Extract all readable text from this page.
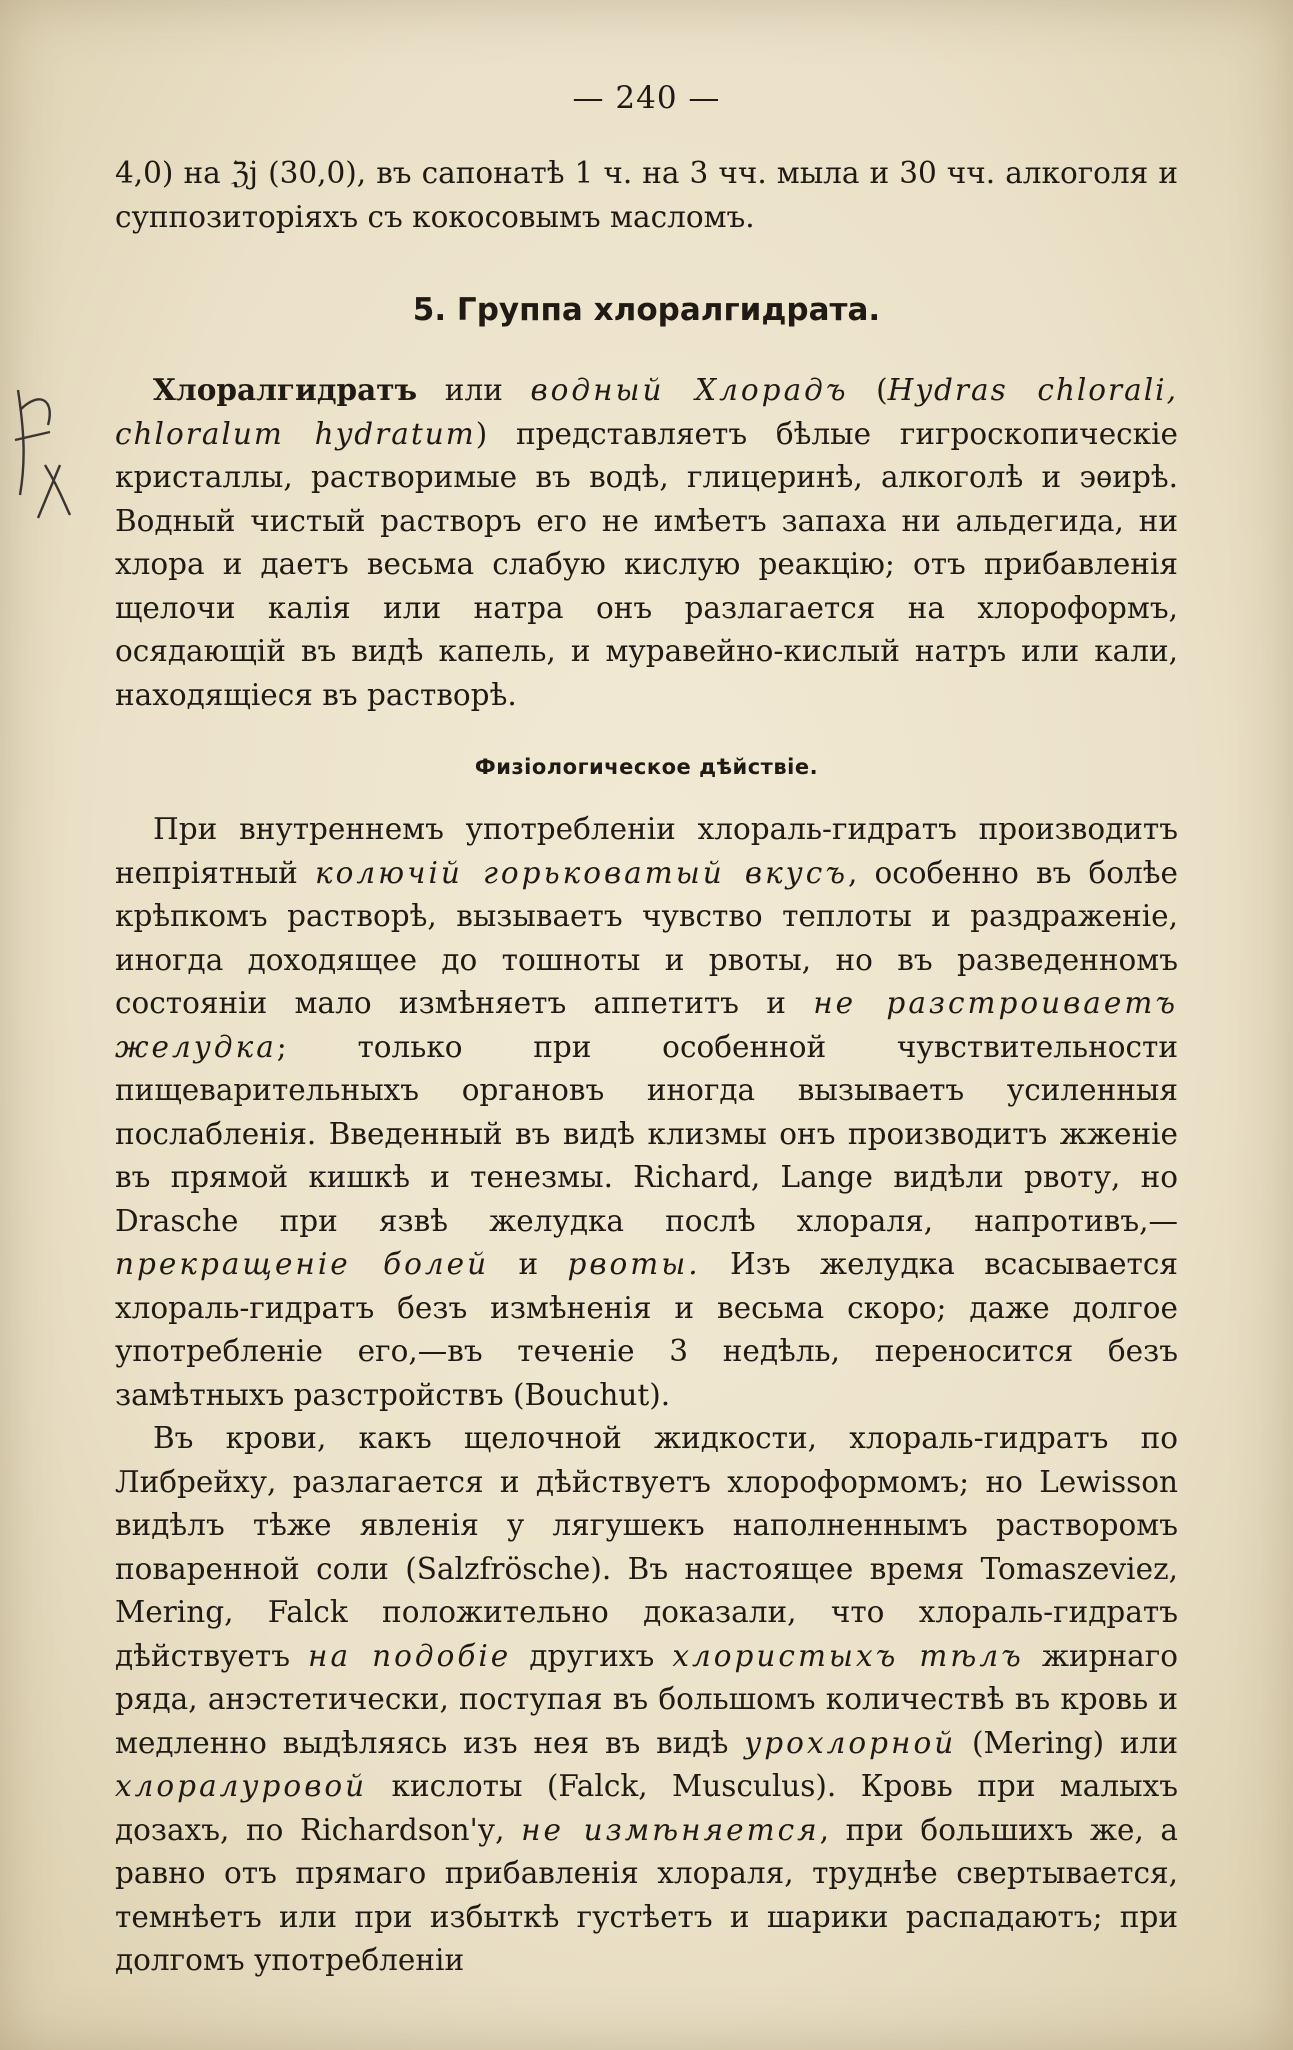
— 240 —

4,0) на ℨj (30,0), въ сапонатѣ 1 ч. на 3 чч. мыла и 30 чч. алкоголя и суппозиторіяхъ съ кокосовымъ масломъ.

5. Группа хлоралгидрата.

Хлоралгидратъ или водный Хлорадъ (Hydras chlorali, chloralum hydratum) представляетъ бѣлые гигроскопическіе кристаллы, растворимые въ водѣ, глицеринѣ, алкоголѣ и эѳирѣ. Водный чистый растворъ его не имѣетъ запаха ни альдегида, ни хлора и даетъ весьма слабую кислую реакцію; отъ прибавленія щелочи калія или натра онъ разлагается на хлороформъ, осядающій въ видѣ капель, и муравейно-кислый натръ или кали, находящіеся въ растворѣ.

Физіологическое дѣйствіе.

При внутреннемъ употребленіи хлораль-гидратъ производитъ непріятный колючій горьковатый вкусъ, особенно въ болѣе крѣпкомъ растворѣ, вызываетъ чувство теплоты и раздраженіе, иногда доходящее до тошноты и рвоты, но въ разведенномъ состояніи мало измѣняетъ аппетитъ и не разстроиваетъ желудка; только при особенной чувствительности пищеварительныхъ органовъ иногда вызываетъ усиленныя послабленія. Введенный въ видѣ клизмы онъ производитъ жженіе въ прямой кишкѣ и тенезмы. Richard, Lange видѣли рвоту, но Drasche при язвѣ желудка послѣ хлораля, напротивъ,—прекращеніе болей и рвоты. Изъ желудка всасывается хлораль-гидратъ безъ измѣненія и весьма скоро; даже долгое употребленіе его,—въ теченіе 3 недѣль, переносится безъ замѣтныхъ разстройствъ (Bouchut).

Въ крови, какъ щелочной жидкости, хлораль-гидратъ по Либрейху, разлагается и дѣйствуетъ хлороформомъ; но Lewisson видѣлъ тѣже явленія у лягушекъ наполненнымъ растворомъ поваренной соли (Salzfrösche). Въ настоящее время Tomaszeviez, Mering, Falck положительно доказали, что хлораль-гидратъ дѣйствуетъ на подобіе другихъ хлористыхъ тѣлъ жирнаго ряда, анэстетически, поступая въ большомъ количествѣ въ кровь и медленно выдѣляясь изъ нея въ видѣ урохлорной (Mering) или хлоралуровой кислоты (Falck, Musculus). Кровь при малыхъ дозахъ, по Richardson'у, не измѣняется, при большихъ же, а равно отъ прямаго прибавленія хлораля, труднѣе свертывается, темнѣетъ или при избыткѣ густѣетъ и шарики распадаютъ; при долгомъ употребленіи
